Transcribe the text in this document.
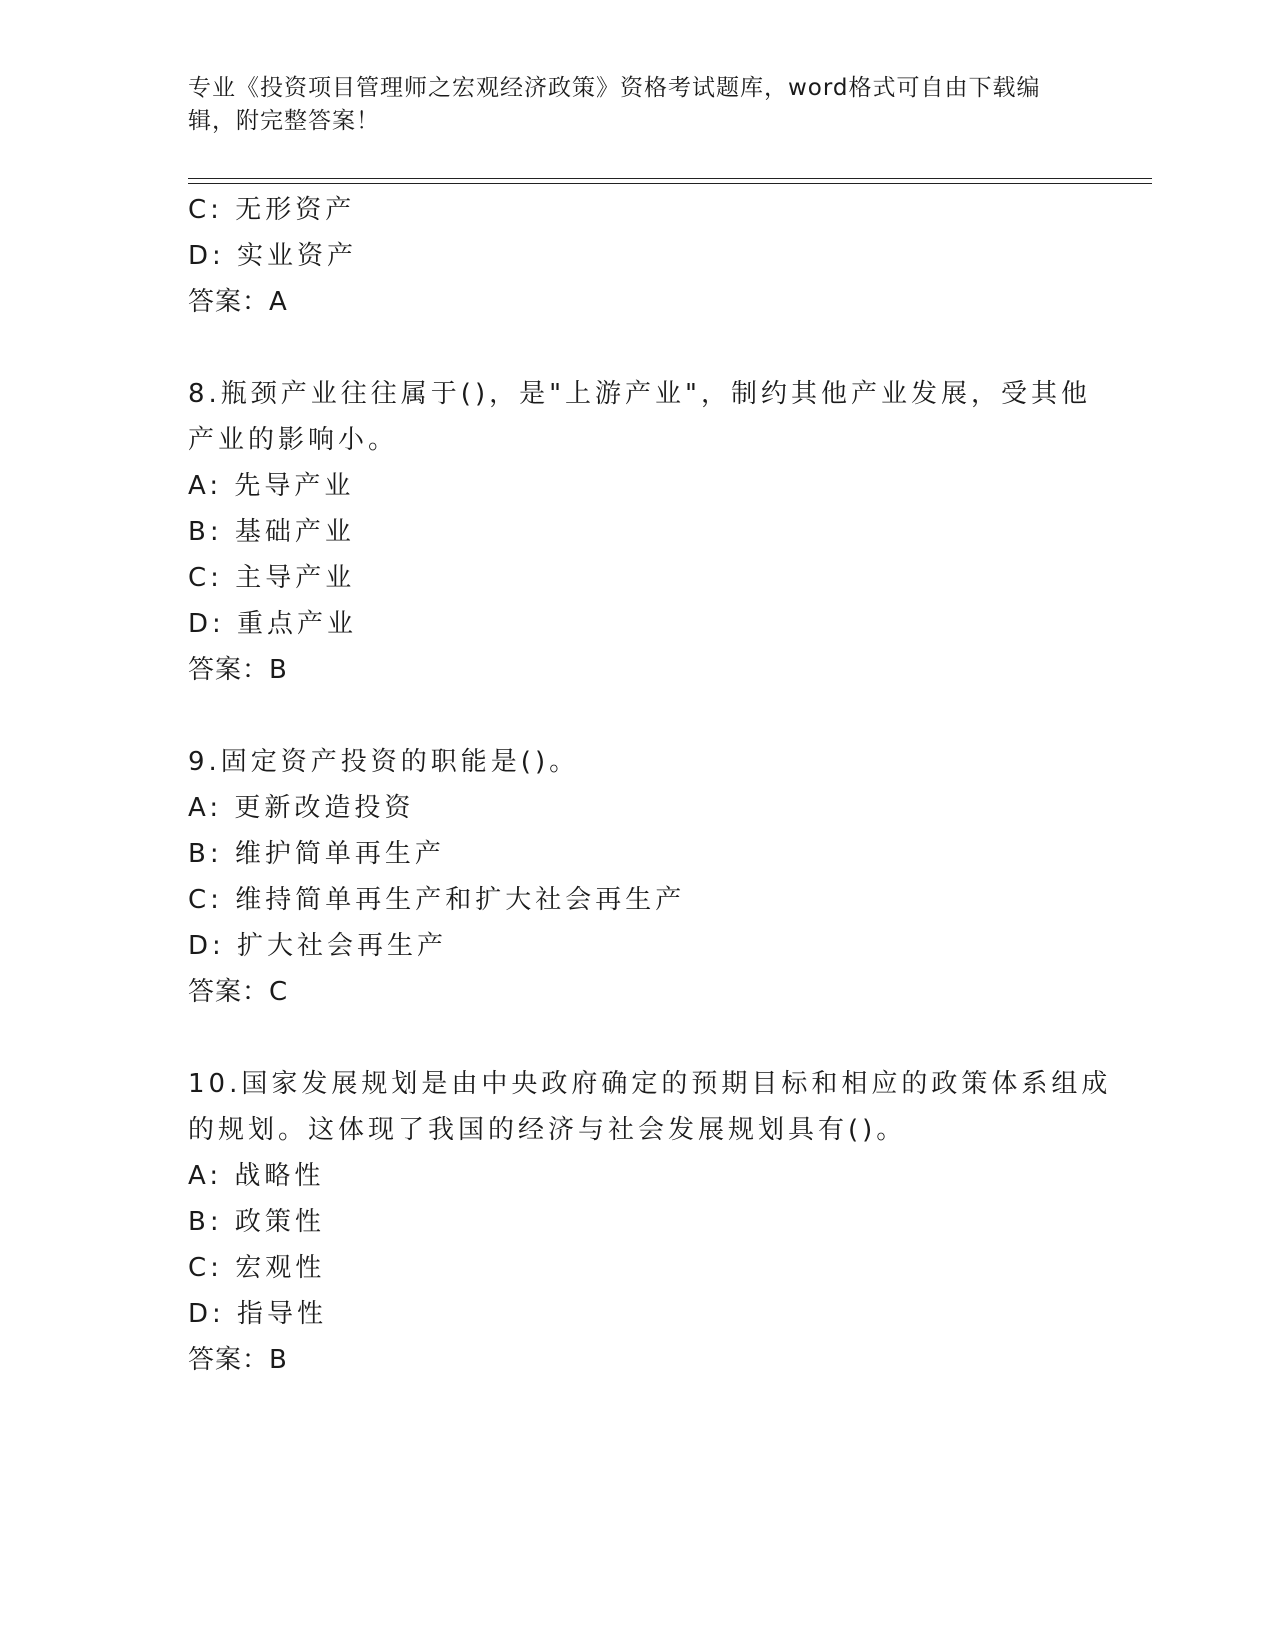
专业《投资项目管理师之宏观经济政策》资格考试题库，word格式可自由下载编辑，附完整答案！
C: 无形资产
D: 实业资产
答案：A
8.瓶颈产业往往属于()，是"上游产业"，制约其他产业发展，受其他
产业的影响小。
A: 先导产业
B: 基础产业
C: 主导产业
D: 重点产业
答案：B
9.固定资产投资的职能是()。
A: 更新改造投资
B: 维护简单再生产
C: 维持简单再生产和扩大社会再生产
D: 扩大社会再生产
答案：C
10.国家发展规划是由中央政府确定的预期目标和相应的政策体系组成
的规划。这体现了我国的经济与社会发展规划具有()。
A: 战略性
B: 政策性
C: 宏观性
D: 指导性
答案：B
